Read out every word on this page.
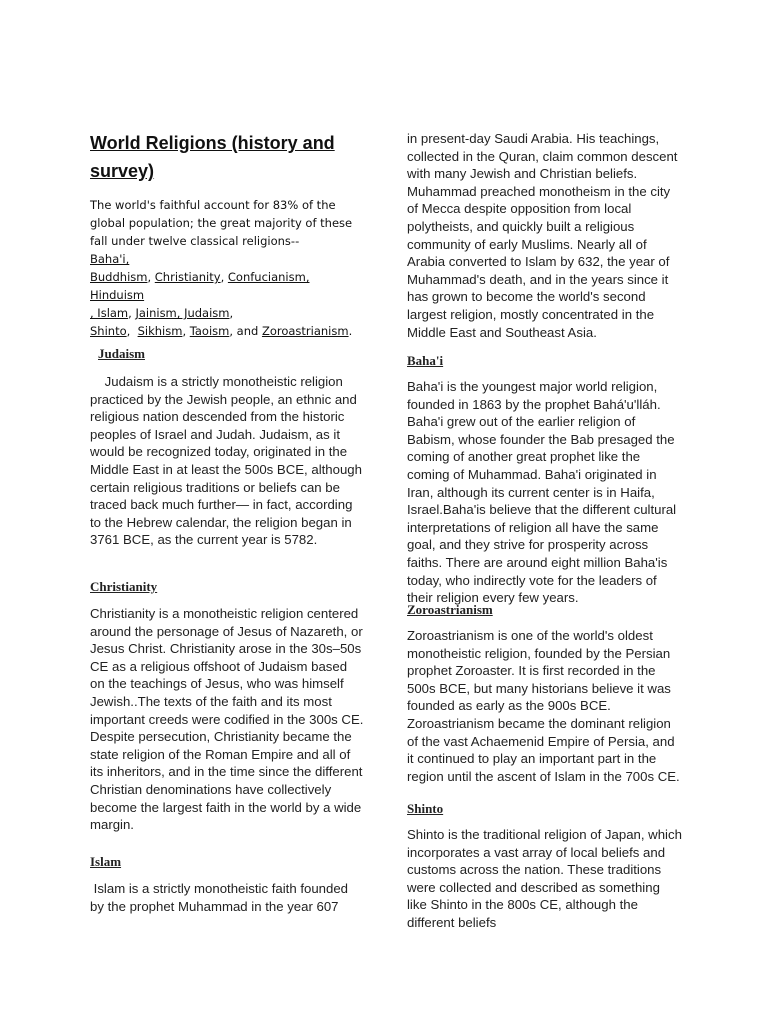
World Religions (history and survey)
The world's faithful account for 83% of the global population; the great majority of these fall under twelve classical religions--
Baha'i,
Buddhism, Christianity, Confucianism, Hinduism
, Islam, Jainism, Judaism,
Shinto,  Sikhism, Taoism, and Zoroastrianism.
Judaism
Judaism is a strictly monotheistic religion practiced by the Jewish people, an ethnic and religious nation descended from the historic peoples of Israel and Judah. Judaism, as it would be recognized today, originated in the Middle East in at least the 500s BCE, although certain religious traditions or beliefs can be traced back much further— in fact, according to the Hebrew calendar, the religion began in 3761 BCE, as the current year is 5782.
Christianity
Christianity is a monotheistic religion centered around the personage of Jesus of Nazareth, or Jesus Christ. Christianity arose in the 30s–50s CE as a religious offshoot of Judaism based on the teachings of Jesus, who was himself Jewish..The texts of the faith and its most important creeds were codified in the 300s CE. Despite persecution, Christianity became the state religion of the Roman Empire and all of its inheritors, and in the time since the different Christian denominations have collectively become the largest faith in the world by a wide margin.
Islam
Islam is a strictly monotheistic faith founded by the prophet Muhammad in the year 607
in present-day Saudi Arabia. His teachings, collected in the Quran, claim common descent with many Jewish and Christian beliefs. Muhammad preached monotheism in the city of Mecca despite opposition from local polytheists, and quickly built a religious community of early Muslims. Nearly all of Arabia converted to Islam by 632, the year of Muhammad's death, and in the years since it has grown to become the world's second largest religion, mostly concentrated in the Middle East and Southeast Asia.
Baha'i
Baha'i is the youngest major world religion, founded in 1863 by the prophet Bahá'u'lláh. Baha'i grew out of the earlier religion of Babism, whose founder the Bab presaged the coming of another great prophet like the coming of Muhammad. Baha'i originated in Iran, although its current center is in Haifa, Israel.Baha'is believe that the different cultural interpretations of religion all have the same goal, and they strive for prosperity across faiths. There are around eight million Baha'is today, who indirectly vote for the leaders of their religion every few years.
Zoroastrianism
Zoroastrianism is one of the world's oldest monotheistic religion, founded by the Persian prophet Zoroaster. It is first recorded in the 500s BCE, but many historians believe it was founded as early as the 900s BCE. Zoroastrianism became the dominant religion of the vast Achaemenid Empire of Persia, and it continued to play an important part in the region until the ascent of Islam in the 700s CE.
Shinto
Shinto is the traditional religion of Japan, which incorporates a vast array of local beliefs and customs across the nation. These traditions were collected and described as something like Shinto in the 800s CE, although the different beliefs
